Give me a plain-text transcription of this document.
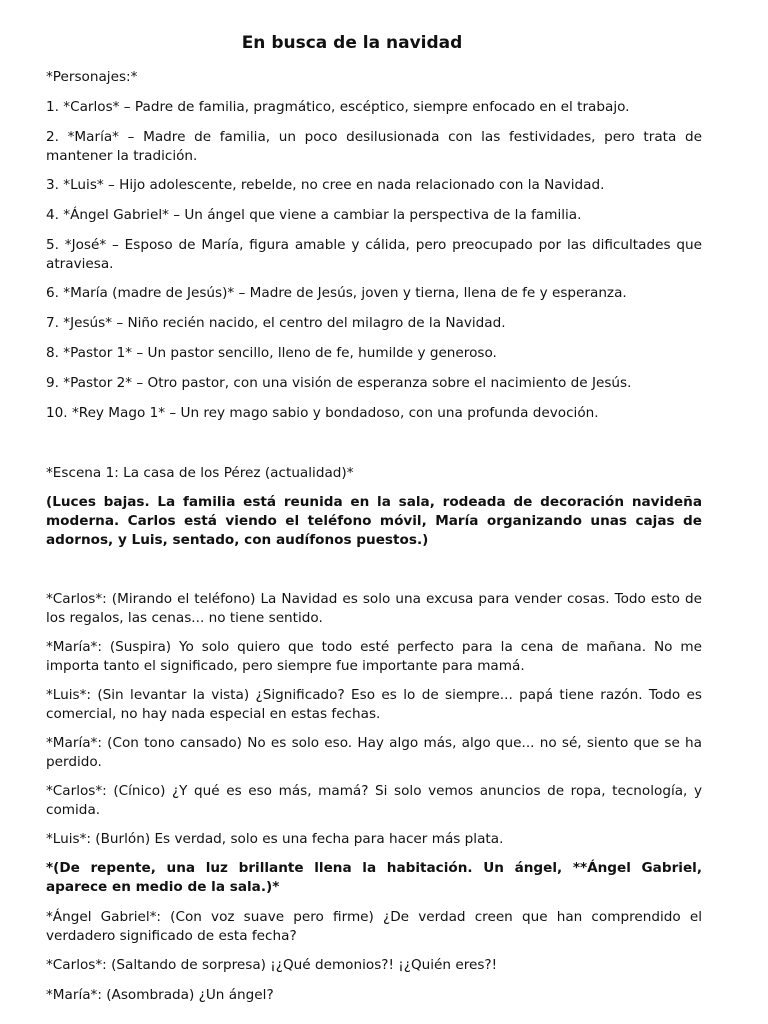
En busca de la navidad

*Personajes:*

1. *Carlos* – Padre de familia, pragmático, escéptico, siempre enfocado en el trabajo.

2. *María* – Madre de familia, un poco desilusionada con las festividades, pero trata de mantener la tradición.

3. *Luis* – Hijo adolescente, rebelde, no cree en nada relacionado con la Navidad.

4. *Ángel Gabriel* – Un ángel que viene a cambiar la perspectiva de la familia.

5. *José* – Esposo de María, figura amable y cálida, pero preocupado por las dificultades que atraviesa.

6. *María (madre de Jesús)* – Madre de Jesús, joven y tierna, llena de fe y esperanza.

7. *Jesús* – Niño recién nacido, el centro del milagro de la Navidad.

8. *Pastor 1* – Un pastor sencillo, lleno de fe, humilde y generoso.

9. *Pastor 2* – Otro pastor, con una visión de esperanza sobre el nacimiento de Jesús.

10. *Rey Mago 1* – Un rey mago sabio y bondadoso, con una profunda devoción.

*Escena 1: La casa de los Pérez (actualidad)*

(Luces bajas. La familia está reunida en la sala, rodeada de decoración navideña moderna. Carlos está viendo el teléfono móvil, María organizando unas cajas de adornos, y Luis, sentado, con audífonos puestos.)

*Carlos*: (Mirando el teléfono) La Navidad es solo una excusa para vender cosas. Todo esto de los regalos, las cenas... no tiene sentido.

*María*: (Suspira) Yo solo quiero que todo esté perfecto para la cena de mañana. No me importa tanto el significado, pero siempre fue importante para mamá.

*Luis*: (Sin levantar la vista) ¿Significado? Eso es lo de siempre... papá tiene razón. Todo es comercial, no hay nada especial en estas fechas.

*María*: (Con tono cansado) No es solo eso. Hay algo más, algo que... no sé, siento que se ha perdido.

*Carlos*: (Cínico) ¿Y qué es eso más, mamá? Si solo vemos anuncios de ropa, tecnología, y comida.

*Luis*: (Burlón) Es verdad, solo es una fecha para hacer más plata.

*(De repente, una luz brillante llena la habitación. Un ángel, **Ángel Gabriel, aparece en medio de la sala.)*

*Ángel Gabriel*: (Con voz suave pero firme) ¿De verdad creen que han comprendido el verdadero significado de esta fecha?

*Carlos*: (Saltando de sorpresa) ¡¿Qué demonios?! ¡¿Quién eres?!

*María*: (Asombrada) ¿Un ángel?
